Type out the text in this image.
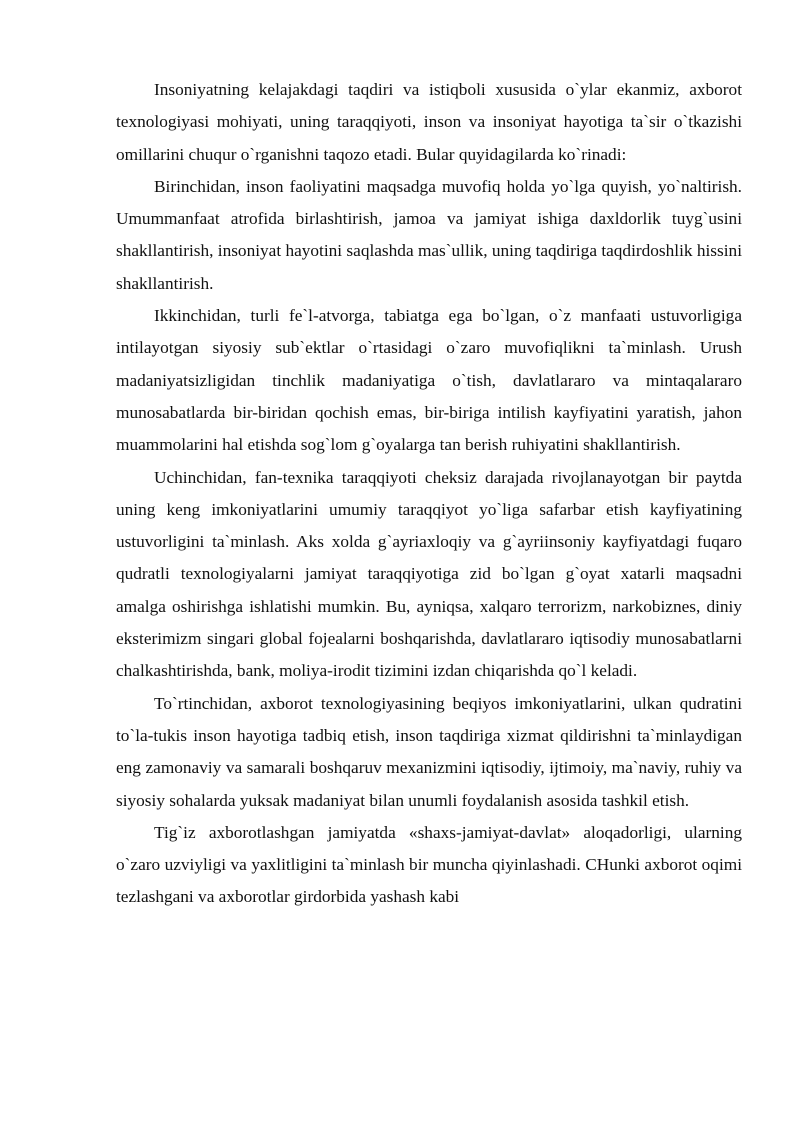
Insoniyatning kelajakdagi taqdiri va istiqboli xususida o`ylar ekanmiz, axborot texnologiyasi mohiyati, uning taraqqiyoti, inson va insoniyat hayotiga ta`sir o`tkazishi omillarini chuqur o`rganishni taqozo etadi. Bular quyidagilarda ko`rinadi:

Birinchidan, inson faoliyatini maqsadga muvofiq holda yo`lga quyish, yo`naltirish. Umummanfaat atrofida birlashtirish, jamoa va jamiyat ishiga daxldorlik tuyg`usini shakllantirish, insoniyat hayotini saqlashda mas`ullik, uning taqdiriga taqdirdoshlik hissini shakllantirish.

Ikkinchidan, turli fe`l-atvorga, tabiatga ega bo`lgan, o`z manfaati ustuvorligiga intilayotgan siyosiy sub`ektlar o`rtasidagi o`zaro muvofiqlikni ta`minlash. Urush madaniyatsizligidan tinchlik madaniyatiga o`tish, davlatlararo va mintaqalararo munosabatlarda bir-biridan qochish emas, bir-biriga intilish kayfiyatini yaratish, jahon muammolarini hal etishda sog`lom g`oyalarga tan berish ruhiyatini shakllantirish.

Uchinchidan, fan-texnika taraqqiyoti cheksiz darajada rivojlanayotgan bir paytda uning keng imkoniyatlarini umumiy taraqqiyot yo`liga safarbar etish kayfiyatining ustuvorligini ta`minlash. Aks xolda g`ayriaxloqiy va g`ayriinsoniy kayfiyatdagi fuqaro qudratli texnologiyalarni jamiyat taraqqiyotiga zid bo`lgan g`oyat xatarli maqsadni amalga oshirishga ishlatishi mumkin. Bu, ayniqsa, xalqaro terrorizm, narkobiznes, diniy eksterimizm singari global fojealarni boshqarishda, davlatlararo iqtisodiy munosabatlarni chalkashtirishda, bank, moliya-irodit tizimini izdan chiqarishda qo`l keladi.

To`rtinchidan, axborot texnologiyasining beqiyos imkoniyatlarini, ulkan qudratini to`la-tukis inson hayotiga tadbiq etish, inson taqdiriga xizmat qildirishni ta`minlaydigan eng zamonaviy va samarali boshqaruv mexanizmini iqtisodiy, ijtimoiy, ma`naviy, ruhiy va siyosiy sohalarda yuksak madaniyat bilan unumli foydalanish asosida tashkil etish.

Tig`iz axborotlashgan jamiyatda «shaxs-jamiyat-davlat» aloqadorligi, ularning o`zaro uzviyligi va yaxlitligini ta`minlash bir muncha qiyinlashadi. CHunki axborot oqimi tezlashgani va axborotlar girdorbida yashash kabi
